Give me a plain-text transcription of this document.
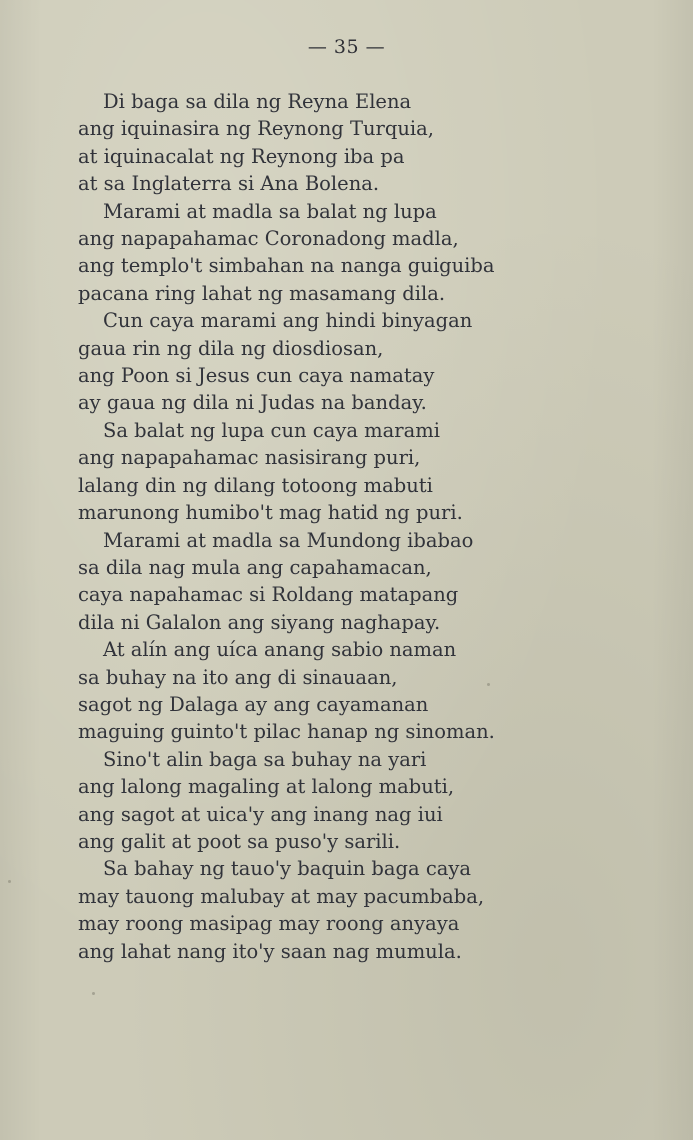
— 35 —
Di baga sa dila ng Reyna Elena
ang iquinasira ng Reynong Turquia,
at iquinacalat ng Reynong iba pa
at sa Inglaterra si Ana Bolena.
Marami at madla sa balat ng lupa
ang napapahamac Coronadong madla,
ang templo't simbahan na nanga guiguiba
pacana ring lahat ng masamang dila.
Cun caya marami ang hindi binyagan
gaua rin ng dila ng diosdiosan,
ang Poon si Jesus cun caya namatay
ay gaua ng dila ni Judas na banday.
Sa balat ng lupa cun caya marami
ang napapahamac nasisirang puri,
lalang din ng dilang totoong mabuti
marunong humibo't mag hatid ng puri.
Marami at madla sa Mundong ibabao
sa dila nag mula ang capahamacan,
caya napahamac si Roldang matapang
dila ni Galalon ang siyang naghapay.
At alín ang uíca anang sabio naman
sa buhay na ito ang di sinauaan,
sagot ng Dalaga ay ang cayamanan
maguing guinto't pilac hanap ng sinoman.
Sino't alin baga sa buhay na yari
ang lalong magaling at lalong mabuti,
ang sagot at uica'y ang inang nag iui
ang galit at poot sa puso'y sarili.
Sa bahay ng tauo'y baquin baga caya
may tauong malubay at may pacumbaba,
may roong masipag may roong anyaya
ang lahat nang ito'y saan nag mumula.
